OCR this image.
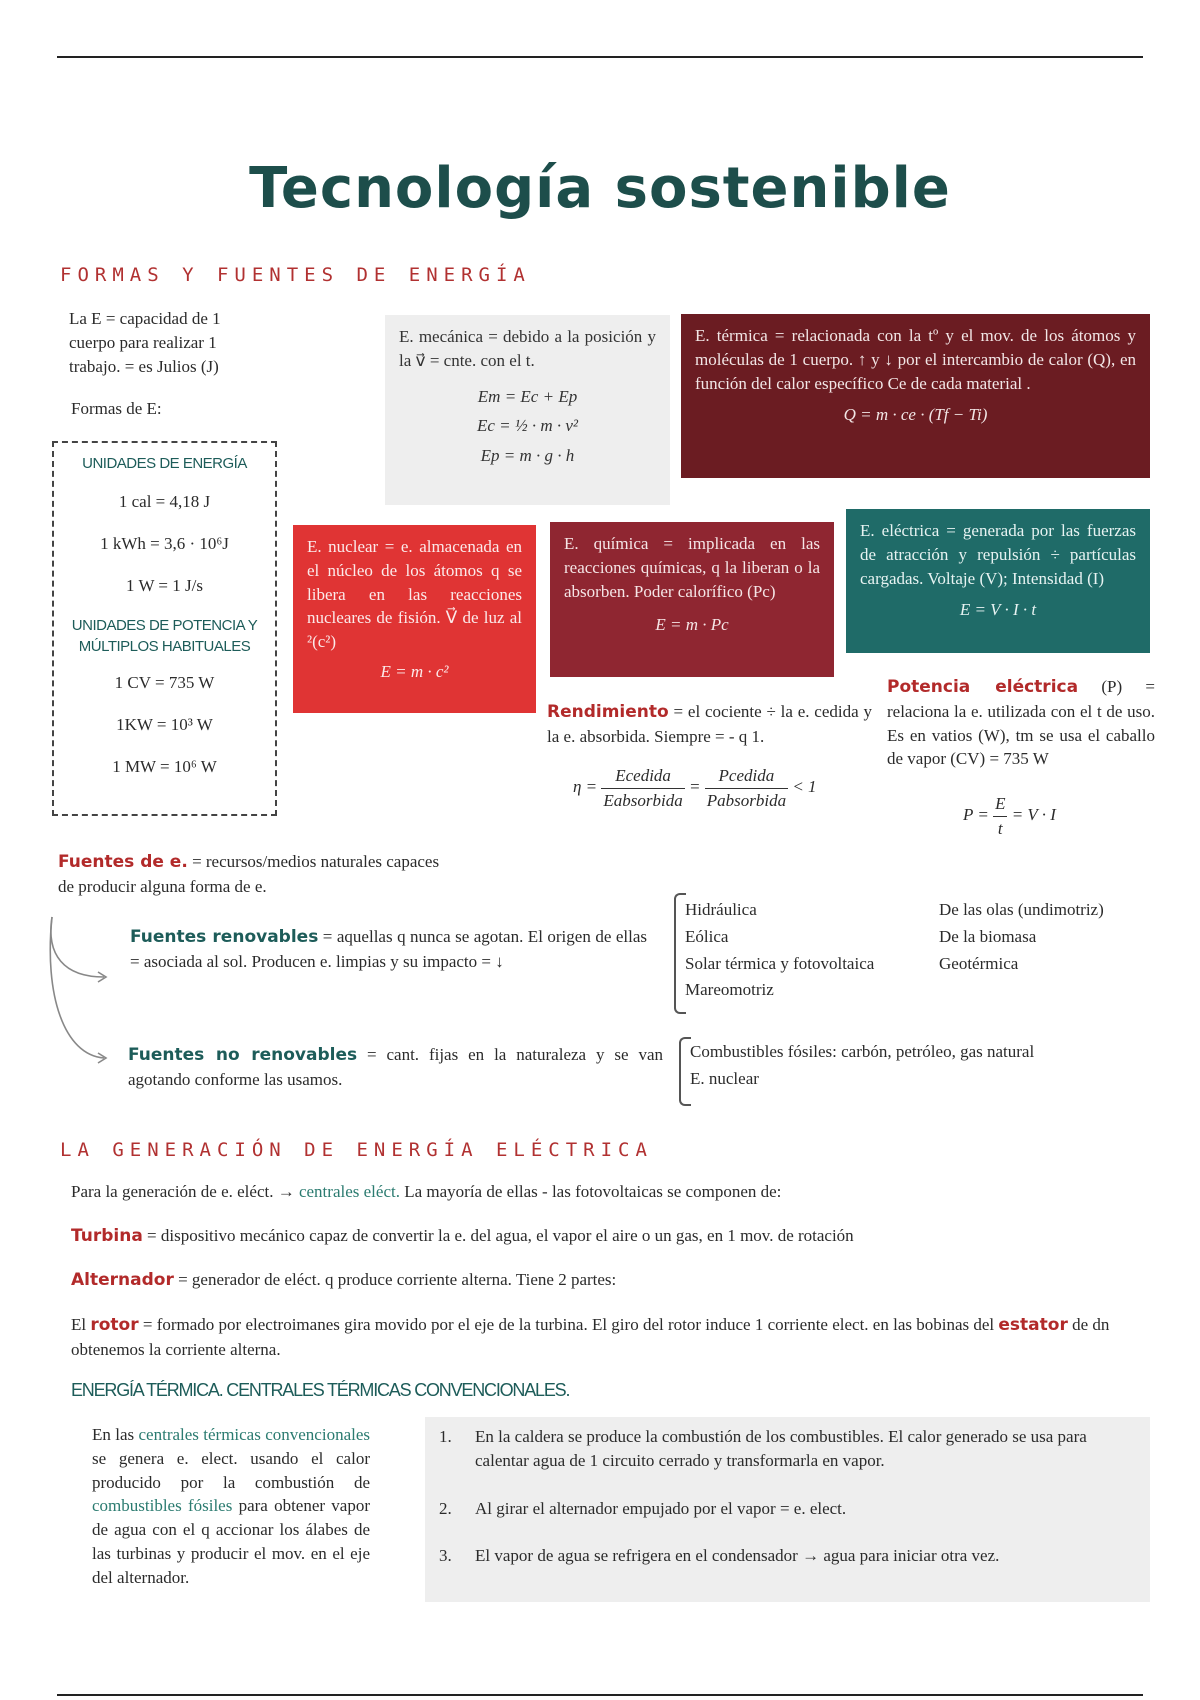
Tecnología sostenible
FORMAS Y FUENTES DE ENERGÍA
La E = capacidad de 1 cuerpo para realizar 1 trabajo. = es Julios (J)
Formas de E:
UNIDADES DE ENERGÍA
1 cal = 4,18 J
1 kWh = 3,6 · 10⁶J
1 W = 1 J/s
UNIDADES DE POTENCIA Y
MÚLTIPLOS HABITUALES
1 CV = 735 W
1KW = 10³ W
1 MW = 10⁶ W
E. mecánica = debido a la posición y la v⃗ = cnte. con el t.
Em = Ec + Ep
Ec = ½ · m · v²
Ep = m · g · h
E. térmica = relacionada con la tº y el mov. de los átomos y moléculas de 1 cuerpo. ↑ y ↓ por el intercambio de calor (Q), en función del calor específico Ce de cada material .
Q = m · ce · (Tf − Ti)
E. nuclear = e. almacenada en el núcleo de los átomos q se libera en las reacciones nucleares de fisión. V⃗ de luz al ²(c²)
E = m · c²
E. química = implicada en las reacciones químicas, q la liberan o la absorben. Poder calorífico (Pc)
E = m · Pc
E. eléctrica = generada por las fuerzas de atracción y repulsión ÷ partículas cargadas. Voltaje (V); Intensidad (I)
E = V · I · t
Rendimiento = el cociente ÷ la e. cedida y la e. absorbida. Siempre = - q 1.
$\eta = \frac{\text{Ecedida}}{\text{Eabsorbida}} = \frac{\text{Pcedida}}{\text{Pabsorbida}} < 1$
Potencia eléctrica (P) = relaciona la e. utilizada con el t de uso. Es en vatios (W), tm se usa el caballo de vapor (CV) = 735 W
$P = \frac{E}{t} = V \cdot I$
Fuentes de e. = recursos/medios naturales capaces de producir alguna forma de e.
Fuentes renovables = aquellas q nunca se agotan. El origen de ellas = asociada al sol. Producen e. limpias y su impacto = ↓
Hidráulica
Eólica
Solar térmica y fotovoltaica
Mareomotriz
De las olas (undimotriz)
De la biomasa
Geotérmica
Fuentes no renovables = cant. fijas en la naturaleza y se van agotando conforme las usamos.
Combustibles fósiles: carbón, petróleo, gas natural
E. nuclear
LA GENERACIÓN DE ENERGÍA ELÉCTRICA
Para la generación de e. eléct. → centrales eléct. La mayoría de ellas - las fotovoltaicas se componen de:
Turbina = dispositivo mecánico capaz de convertir la e. del agua, el vapor el aire o un gas, en 1 mov. de rotación
Alternador = generador de eléct. q produce corriente alterna. Tiene 2 partes:
El rotor = formado por electroimanes gira movido por el eje de la turbina. El giro del rotor induce 1 corriente elect. en las bobinas del estator de dn obtenemos la corriente alterna.
ENERGÍA TÉRMICA. CENTRALES TÉRMICAS CONVENCIONALES.
En las centrales térmicas convencionales se genera e. elect. usando el calor producido por la combustión de combustibles fósiles para obtener vapor de agua con el q accionar los álabes de las turbinas y producir el mov. en el eje del alternador.
1.	En la caldera se produce la combustión de los combustibles. El calor generado se usa para calentar agua de 1 circuito cerrado y transformarla en vapor.
2.	Al girar el alternador empujado por el vapor = e. elect.
3.	El vapor de agua se refrigera en el condensador → agua para iniciar otra vez.
